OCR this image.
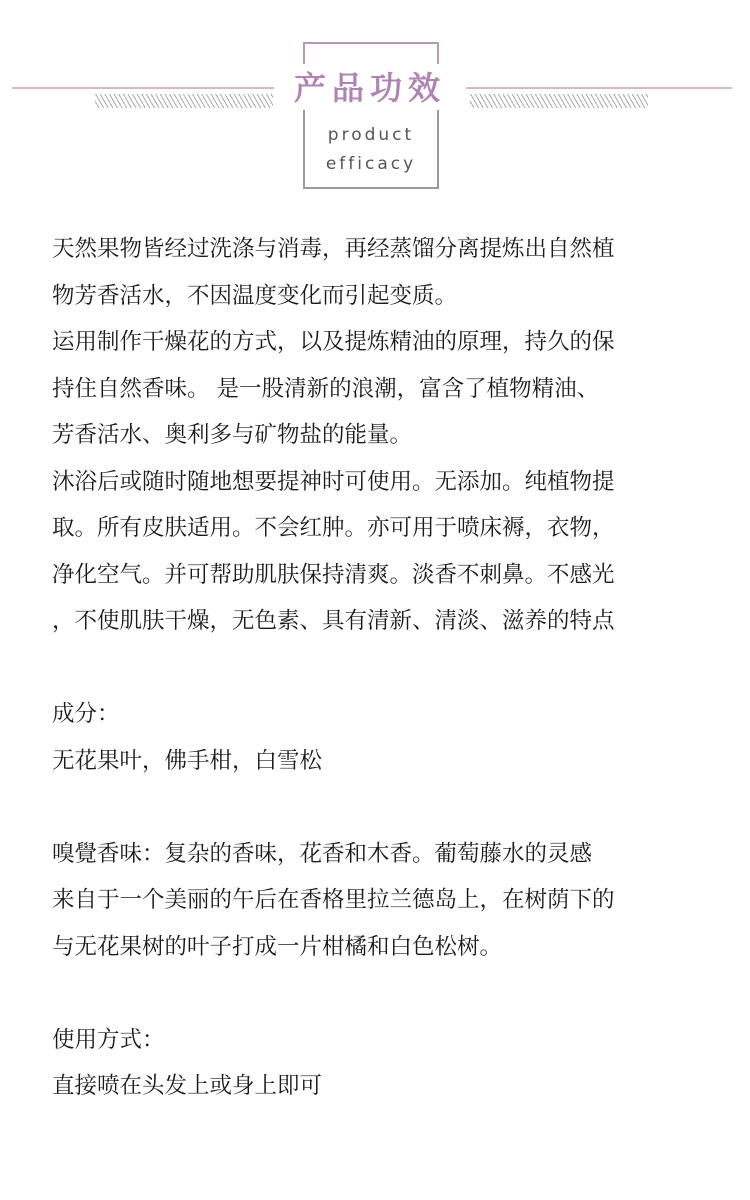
产品功效
product
efficacy
天然果物皆经过洗涤与消毒，再经蒸馏分离提炼出自然植
物芳香活水，不因温度变化而引起变质。
运用制作干燥花的方式，以及提炼精油的原理，持久的保
持住自然香味。 是一股清新的浪潮，富含了植物精油、
芳香活水、奥利多与矿物盐的能量。
沐浴后或随时随地想要提神时可使用。无添加。纯植物提
取。所有皮肤适用。不会红肿。亦可用于喷床褥，衣物，
净化空气。并可帮助肌肤保持清爽。淡香不刺鼻。不感光
，不使肌肤干燥，无色素、具有清新、清淡、滋养的特点
成分：
无花果叶，佛手柑，白雪松
嗅覺香味：复杂的香味，花香和木香。葡萄藤水的灵感
来自于一个美丽的午后在香格里拉兰德岛上，在树荫下的
与无花果树的叶子打成一片柑橘和白色松树。
使用方式：
直接喷在头发上或身上即可
